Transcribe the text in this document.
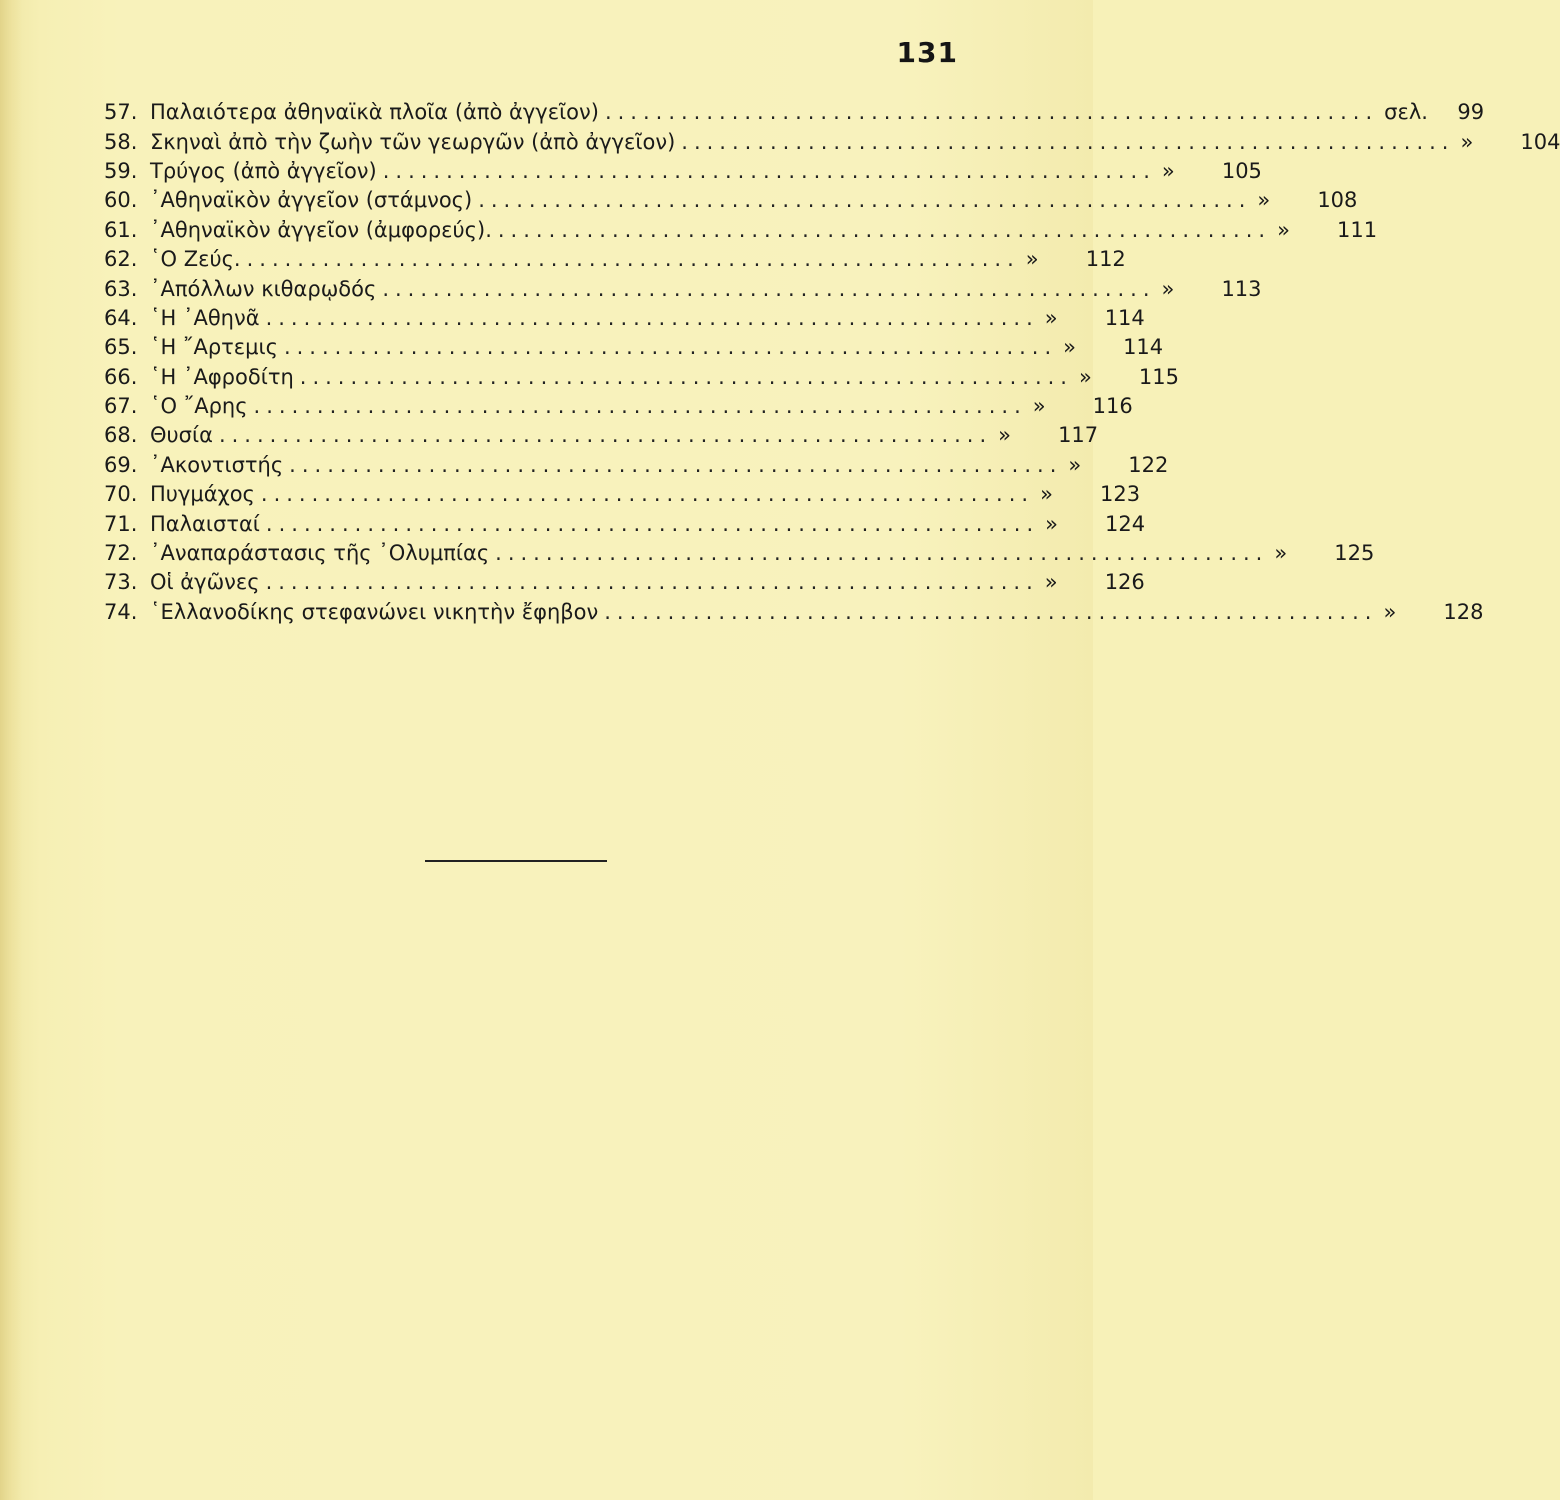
131
57. Παλαιότερα ἀθηναϊκὰ πλοῖα (ἀπὸ ἀγγεῖον) ............................................................. σελ.	99
58. Σκηναὶ ἀπὸ τὴν ζωὴν τῶν γεωργῶν (ἀπὸ ἀγγεῖον) ............................................................. »	104
59. Τρύγος (ἀπὸ ἀγγεῖον) ............................................................. »	105
60. ᾿Αθηναϊκὸν ἀγγεῖον (στάμνος) ............................................................. »	108
61. ᾿Αθηναϊκὸν ἀγγεῖον (ἀμφορεύς). ............................................................. »	111
62. ῾Ο Ζεύς. ............................................................. »	112
63. ᾿Απόλλων κιθαρῳδός ............................................................. »	113
64. ῾Η ᾿Αθηνᾶ ............................................................. »	114
65. ῾Η ῎Αρτεμις ............................................................. »	114
66. ῾Η ᾿Αφροδίτη ............................................................. »	115
67. ῾Ο ῎Αρης ............................................................. »	116
68. Θυσία ............................................................. »	117
69. ᾿Ακοντιστής ............................................................. »	122
70. Πυγμάχος ............................................................. »	123
71. Παλαισταί ............................................................. »	124
72. ᾿Αναπαράστασις τῆς ᾿Ολυμπίας ............................................................. »	125
73. Οἱ ἀγῶνες ............................................................. »	126
74. ῾Ελλανοδίκης στεφανώνει νικητὴν ἔφηβον ............................................................. »	128
